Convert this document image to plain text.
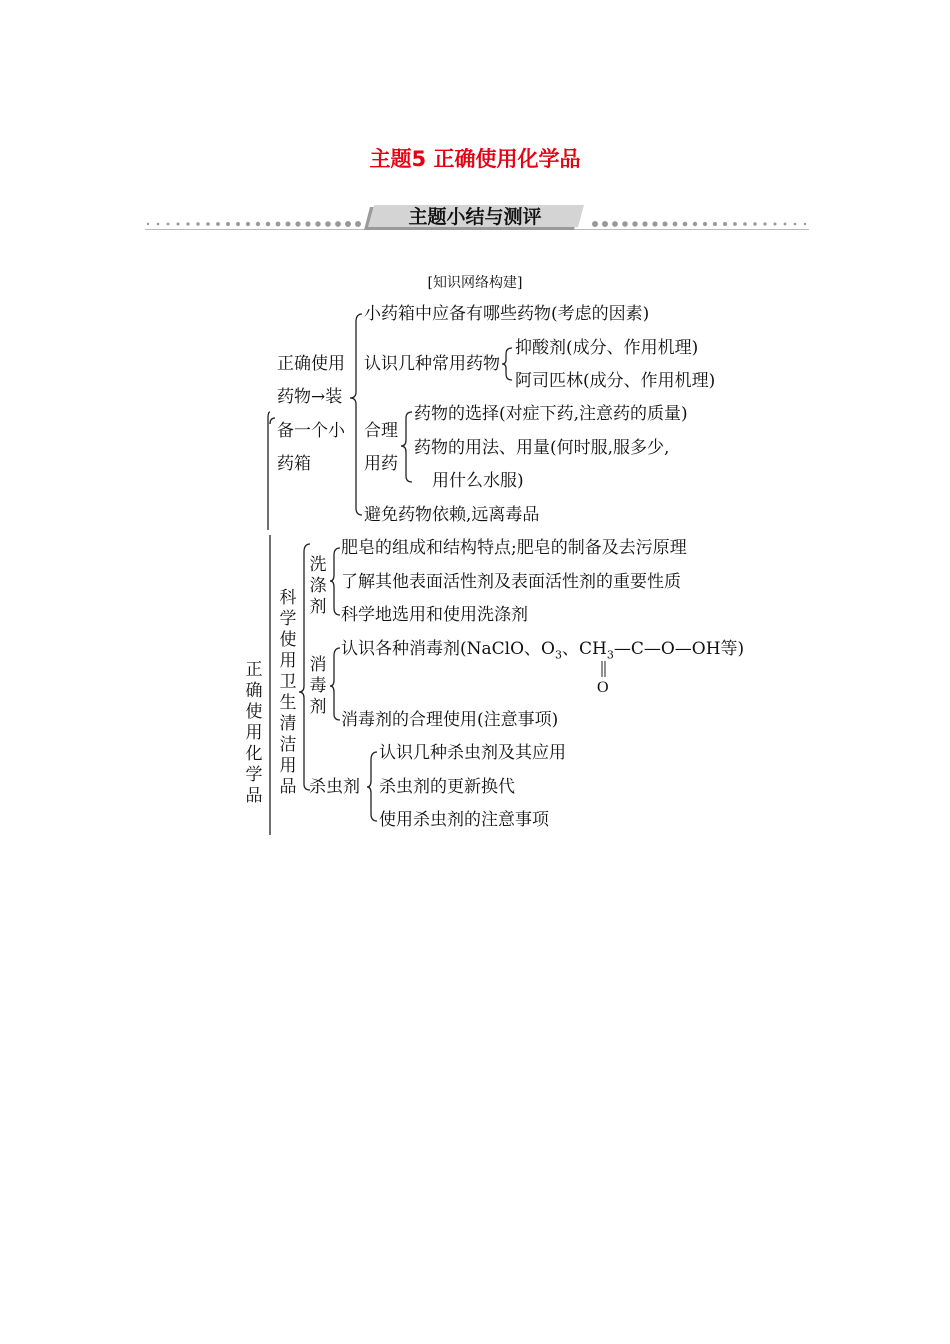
主题5 正确使用化学品
主题小结与测评
[知识网络构建]
正确使用化学品
正确使用
药物→装
备一个小
药箱
小药箱中应备有哪些药物(考虑的因素)
认识几种常用药物
抑酸剂(成分、作用机理)
阿司匹林(成分、作用机理)
合理
用药
药物的选择(对症下药,注意药的质量)
药物的用法、用量(何时服,服多少,
用什么水服)
避免药物依赖,远离毒品
科学使用卫生清洁用品
洗涤剂
肥皂的组成和结构特点;肥皂的制备及去污原理
了解其他表面活性剂及表面活性剂的重要性质
科学地选用和使用洗涤剂
消毒剂
认识各种消毒剂(NaClO、$O_3$、$CH_3—C—O—OH$等)
O
消毒剂的合理使用(注意事项)
杀虫剂
认识几种杀虫剂及其应用
杀虫剂的更新换代
使用杀虫剂的注意事项
